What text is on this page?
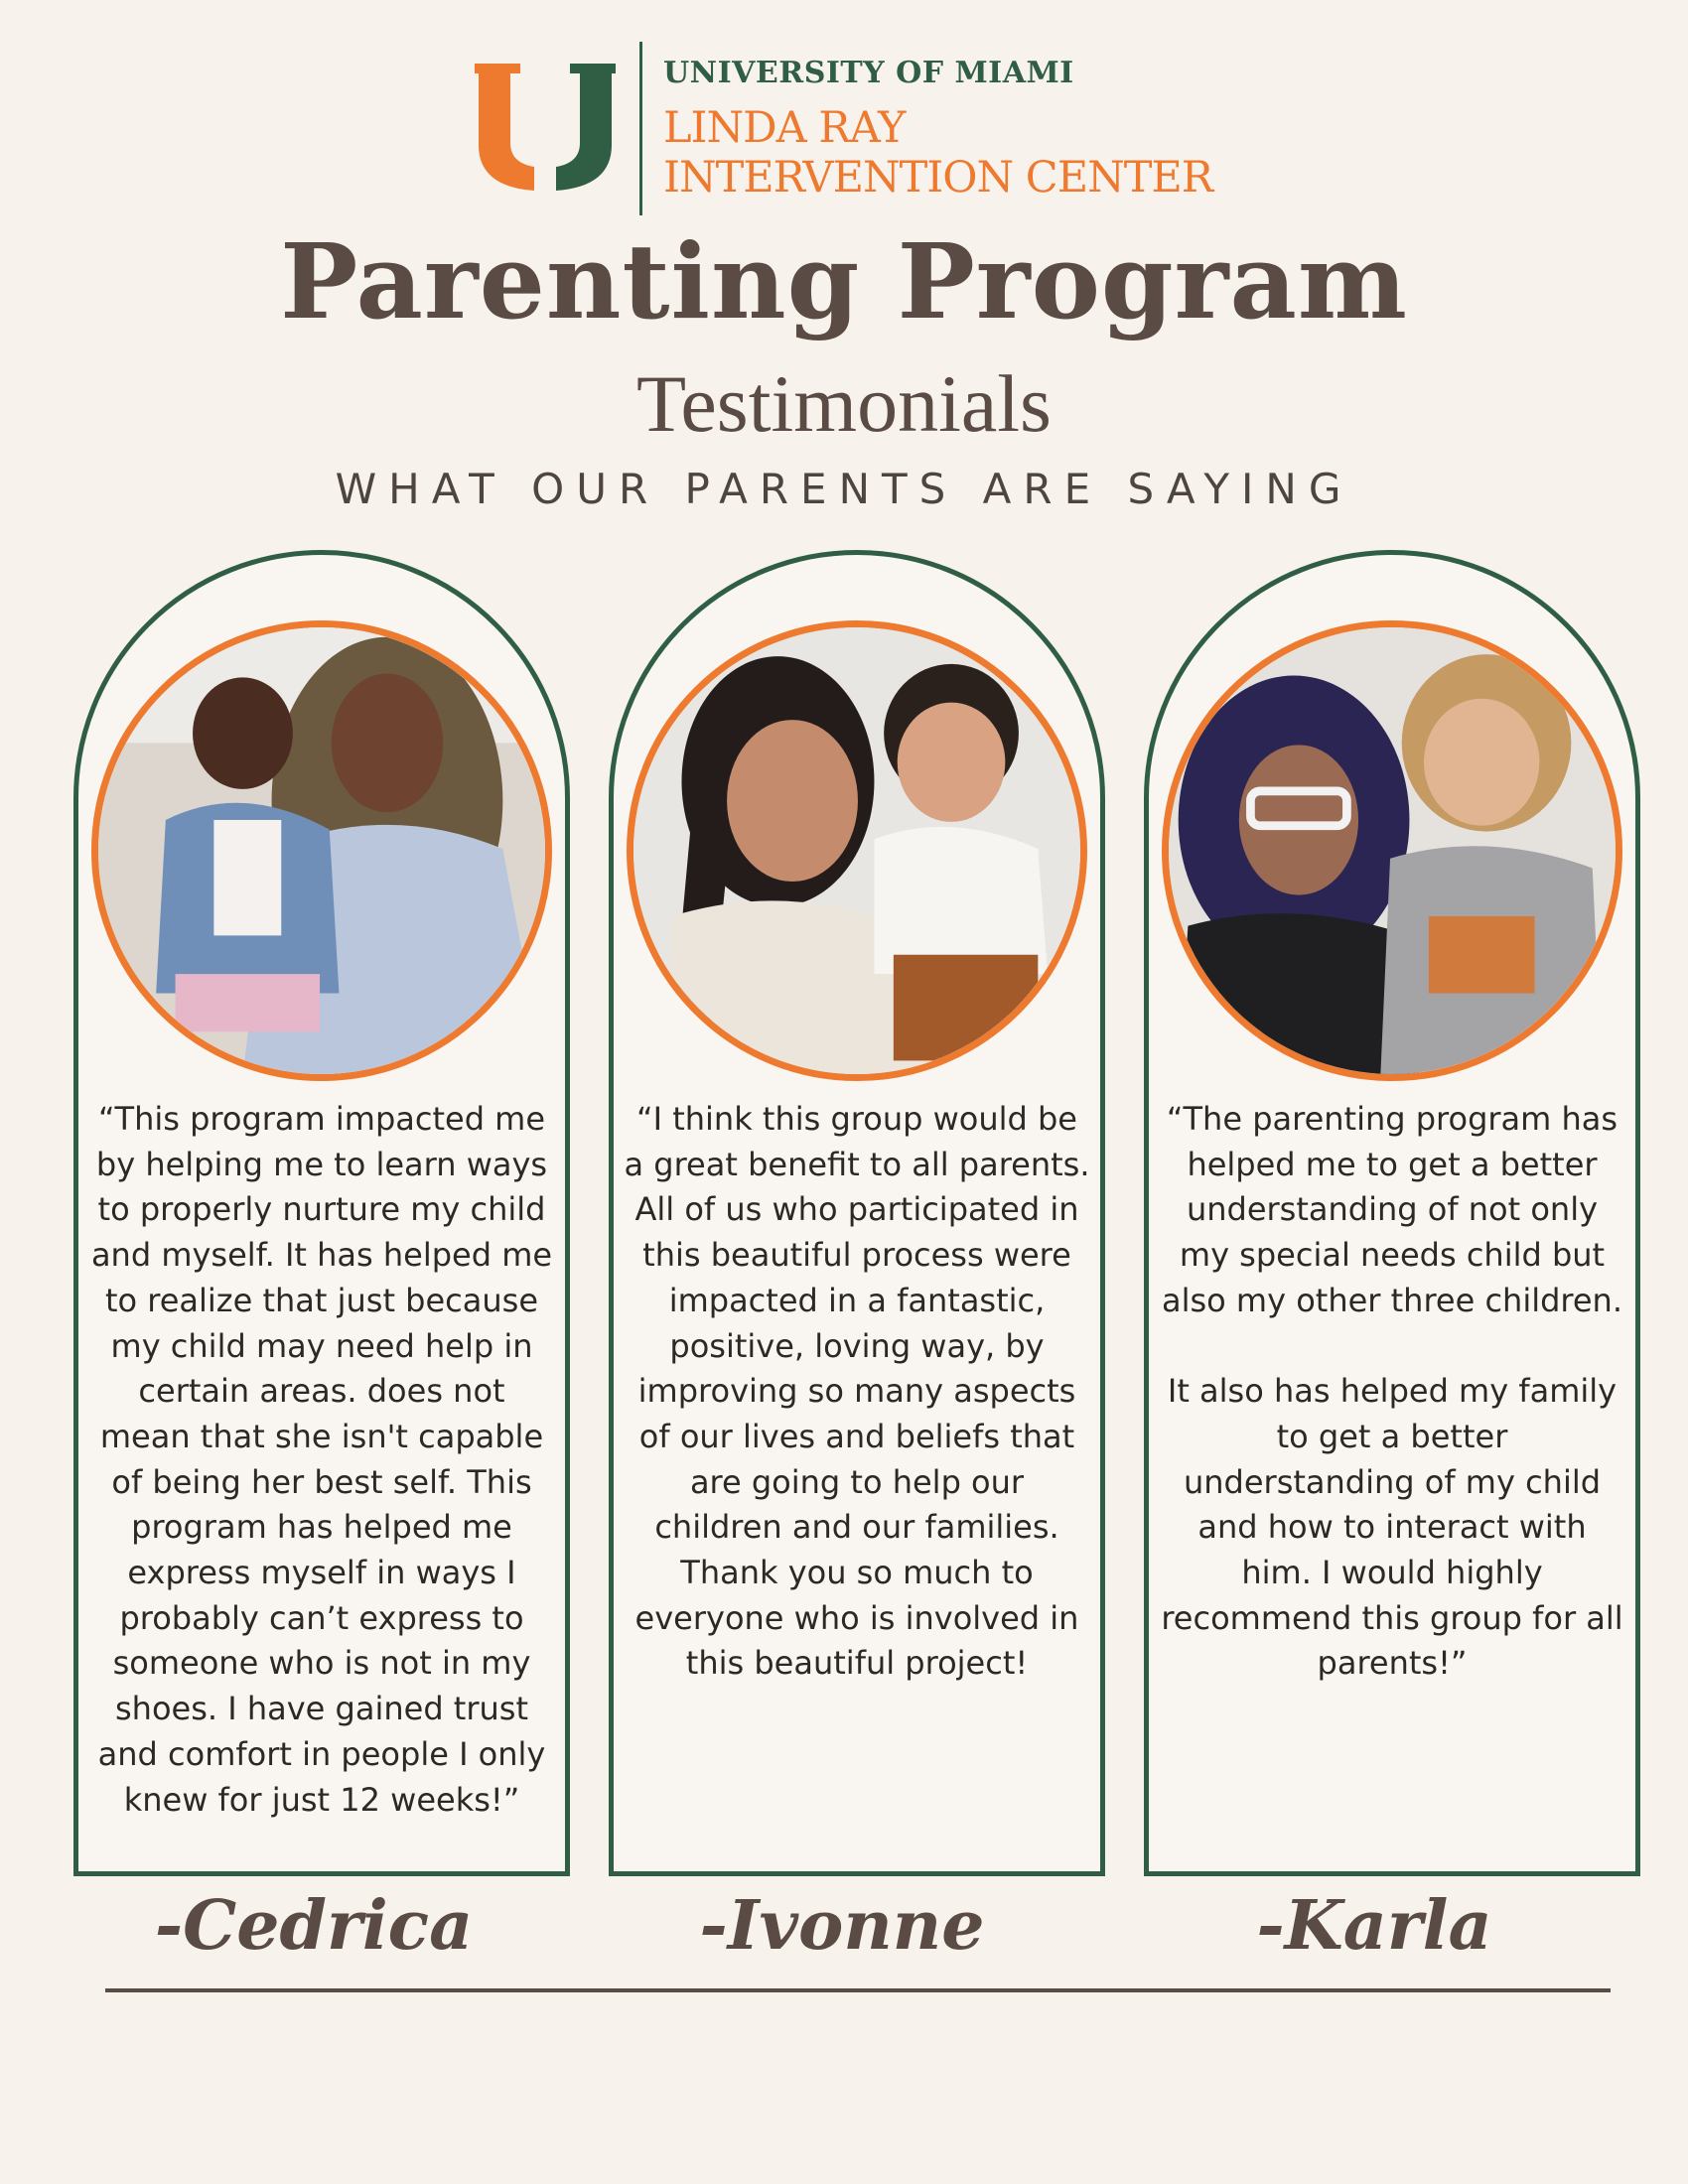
UNIVERSITY OF MIAMI
LINDA RAY
INTERVENTION CENTER
Parenting Program
Testimonials
WHAT OUR PARENTS ARE SAYING
“This program impacted me by helping me to learn ways to properly nurture my child and myself. It has helped me to realize that just because my child may need help in certain areas. does not mean that she isn't capable of being her best self. This program has helped me express myself in ways I probably can’t express to someone who is not in my shoes. I have gained trust and comfort in people I only knew for just 12 weeks!”
“I think this group would be a great benefit to all parents. All of us who participated in this beautiful process were impacted in a fantastic, positive, loving way, by improving so many aspects of our lives and beliefs that are going to help our children and our families.
Thank you so much to everyone who is involved in this beautiful project!
“The parenting program has helped me to get a better understanding of not only my special needs child but also my other three children.

It also has helped my family to get a better understanding of my child and how to interact with him. I would highly recommend this group for all parents!”
-Cedrica	-Ivonne	-Karla
